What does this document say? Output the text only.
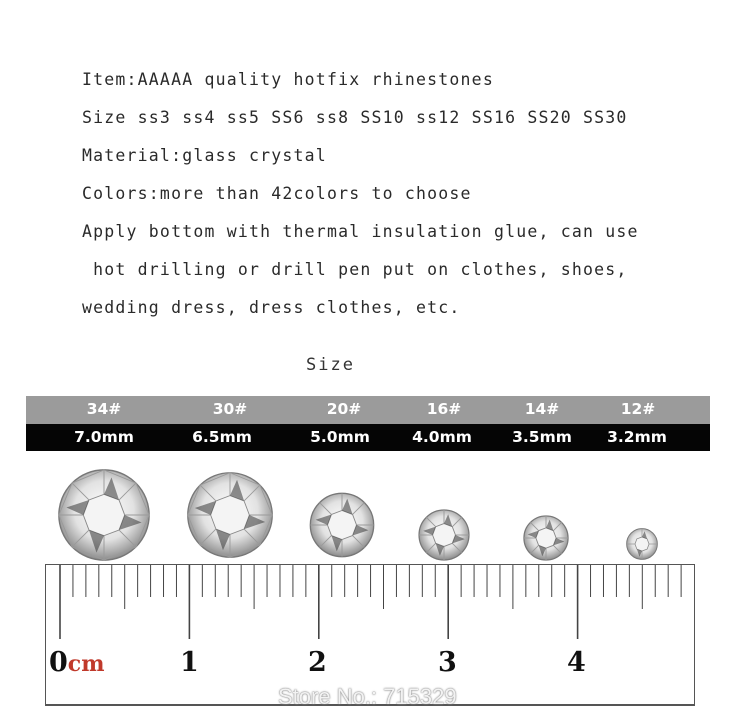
Item:AAAAA quality hotfix rhinestones
Size ss3 ss4 ss5 SS6 ss8 SS10 ss12 SS16 SS20 SS30
Material:glass crystal
Colors:more than 42colors to choose
Apply bottom with thermal insulation glue, can use
hot drilling or drill pen put on clothes, shoes,
wedding dress, dress clothes, etc.
Size
34#	30#	20#	16#	14#	12#
7.0mm	6.5mm	5.0mm	4.0mm	3.5mm 3.2mm
0cm	1	2	3	4
Store No.: 715329
